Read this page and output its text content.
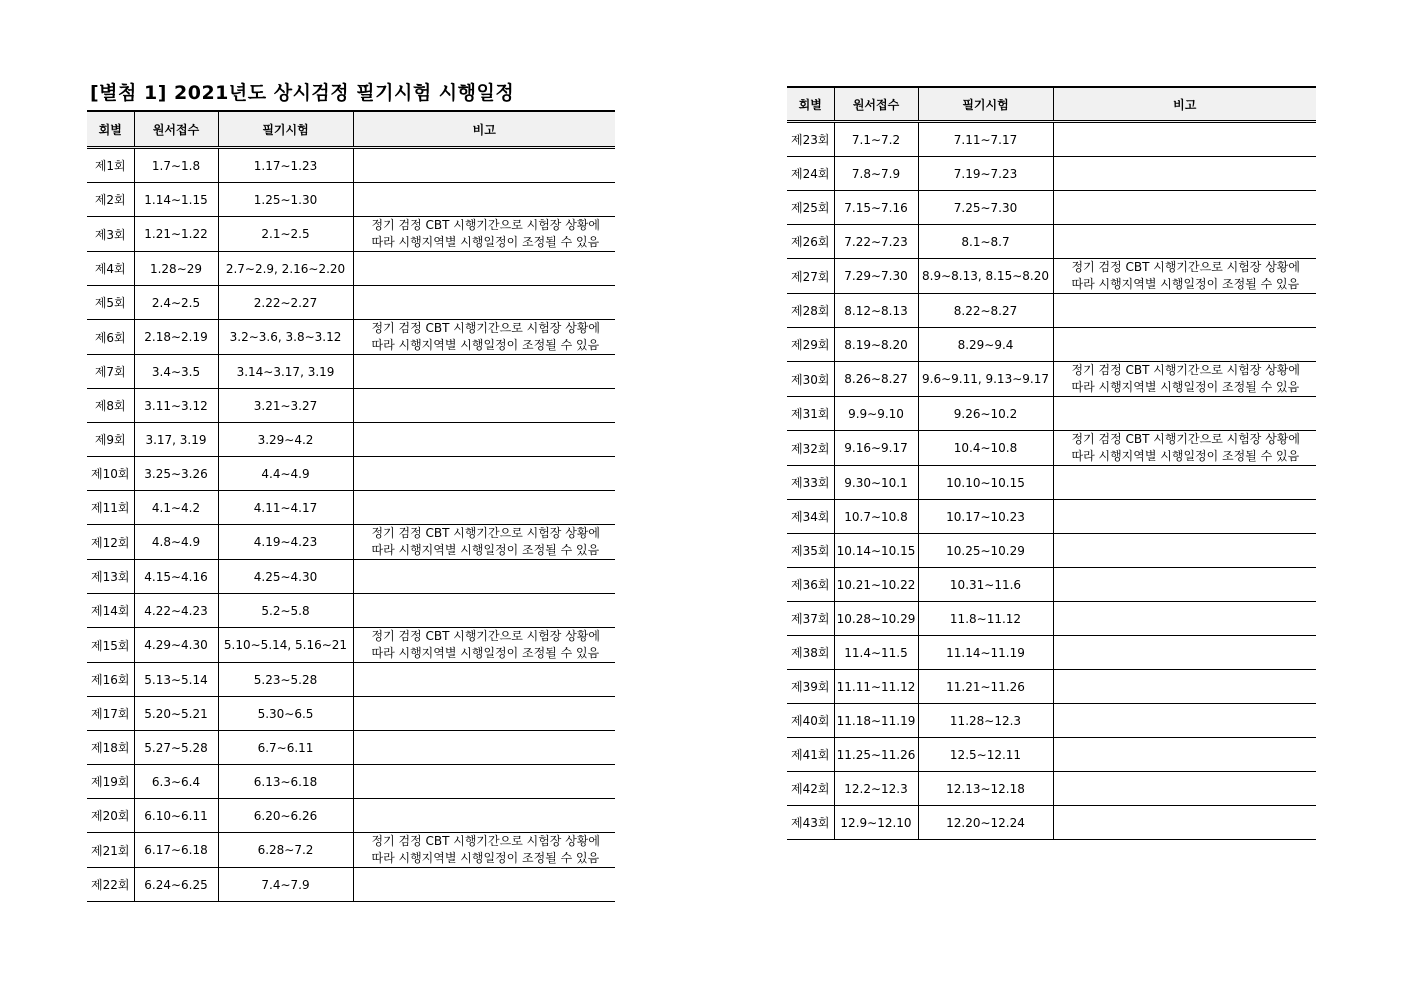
[별첨 1] 2021년도 상시검정 필기시험 시행일정
회별	원서접수	필기시험	비고
제1회	1.7∼1.8	1.17∼1.23	
제2회	1.14∼1.15	1.25∼1.30	
제3회	1.21∼1.22	2.1∼2.5	정기 검정 CBT 시행기간으로 시험장 상황에
따라 시행지역별 시행일정이 조정될 수 있음

제4회	1.28∼29	2.7∼2.9, 2.16∼2.20	
제5회	2.4∼2.5	2.22∼2.27	
제6회	2.18∼2.19	3.2∼3.6, 3.8∼3.12	정기 검정 CBT 시행기간으로 시험장 상황에
따라 시행지역별 시행일정이 조정될 수 있음

제7회	3.4∼3.5	3.14∼3.17, 3.19	
제8회	3.11∼3.12	3.21∼3.27	
제9회	3.17, 3.19	3.29∼4.2	
제10회	3.25∼3.26	4.4∼4.9	
제11회	4.1∼4.2	4.11∼4.17	
제12회	4.8∼4.9	4.19∼4.23	정기 검정 CBT 시행기간으로 시험장 상황에
따라 시행지역별 시행일정이 조정될 수 있음

제13회	4.15∼4.16	4.25∼4.30	
제14회	4.22∼4.23	5.2∼5.8	
제15회	4.29∼4.30	5.10∼5.14, 5.16∼21	정기 검정 CBT 시행기간으로 시험장 상황에
따라 시행지역별 시행일정이 조정될 수 있음

제16회	5.13∼5.14	5.23∼5.28	
제17회	5.20∼5.21	5.30∼6.5	
제18회	5.27∼5.28	6.7∼6.11	
제19회	6.3∼6.4	6.13∼6.18	
제20회	6.10∼6.11	6.20∼6.26	
제21회	6.17∼6.18	6.28∼7.2	정기 검정 CBT 시행기간으로 시험장 상황에
따라 시행지역별 시행일정이 조정될 수 있음

제22회	6.24∼6.25	7.4∼7.9	
회별	원서접수	필기시험	비고
제23회	7.1∼7.2	7.11∼7.17	
제24회	7.8∼7.9	7.19∼7.23	
제25회	7.15∼7.16	7.25∼7.30	
제26회	7.22∼7.23	8.1∼8.7	
제27회	7.29∼7.30	8.9∼8.13, 8.15∼8.20	정기 검정 CBT 시행기간으로 시험장 상황에
따라 시행지역별 시행일정이 조정될 수 있음

제28회	8.12∼8.13	8.22∼8.27	
제29회	8.19∼8.20	8.29∼9.4	
제30회	8.26∼8.27	9.6∼9.11, 9.13∼9.17	정기 검정 CBT 시행기간으로 시험장 상황에
따라 시행지역별 시행일정이 조정될 수 있음

제31회	9.9∼9.10	9.26∼10.2	
제32회	9.16∼9.17	10.4∼10.8	정기 검정 CBT 시행기간으로 시험장 상황에
따라 시행지역별 시행일정이 조정될 수 있음

제33회	9.30∼10.1	10.10∼10.15	
제34회	10.7∼10.8	10.17∼10.23	
제35회	10.14∼10.15	10.25∼10.29	
제36회	10.21∼10.22	10.31∼11.6	
제37회	10.28∼10.29	11.8∼11.12	
제38회	11.4∼11.5	11.14∼11.19	
제39회	11.11∼11.12	11.21∼11.26	
제40회	11.18∼11.19	11.28∼12.3	
제41회	11.25∼11.26	12.5∼12.11	
제42회	12.2∼12.3	12.13∼12.18	
제43회	12.9∼12.10	12.20∼12.24	
